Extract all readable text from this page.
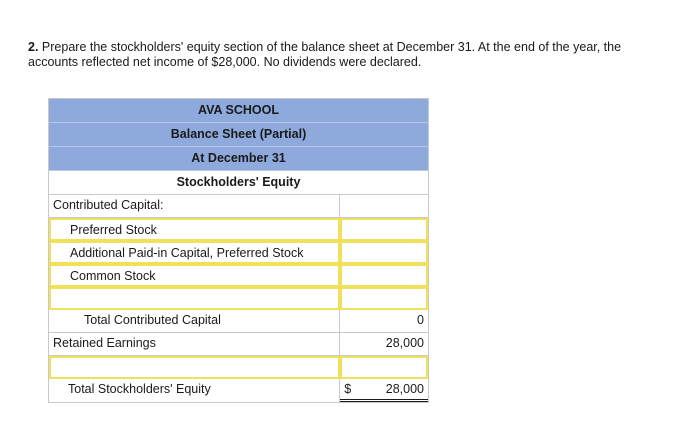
2. Prepare the stockholders' equity section of the balance sheet at December 31. At the end of the year, the accounts reflected net income of $28,000. No dividends were declared.
AVA SCHOOL
Balance Sheet (Partial)
At December 31
Stockholders' Equity
Contributed Capital:
Preferred Stock
Additional Paid-in Capital, Preferred Stock
Common Stock
Total Contributed Capital	0
Retained Earnings	28,000
Total Stockholders' Equity	$	28,000
